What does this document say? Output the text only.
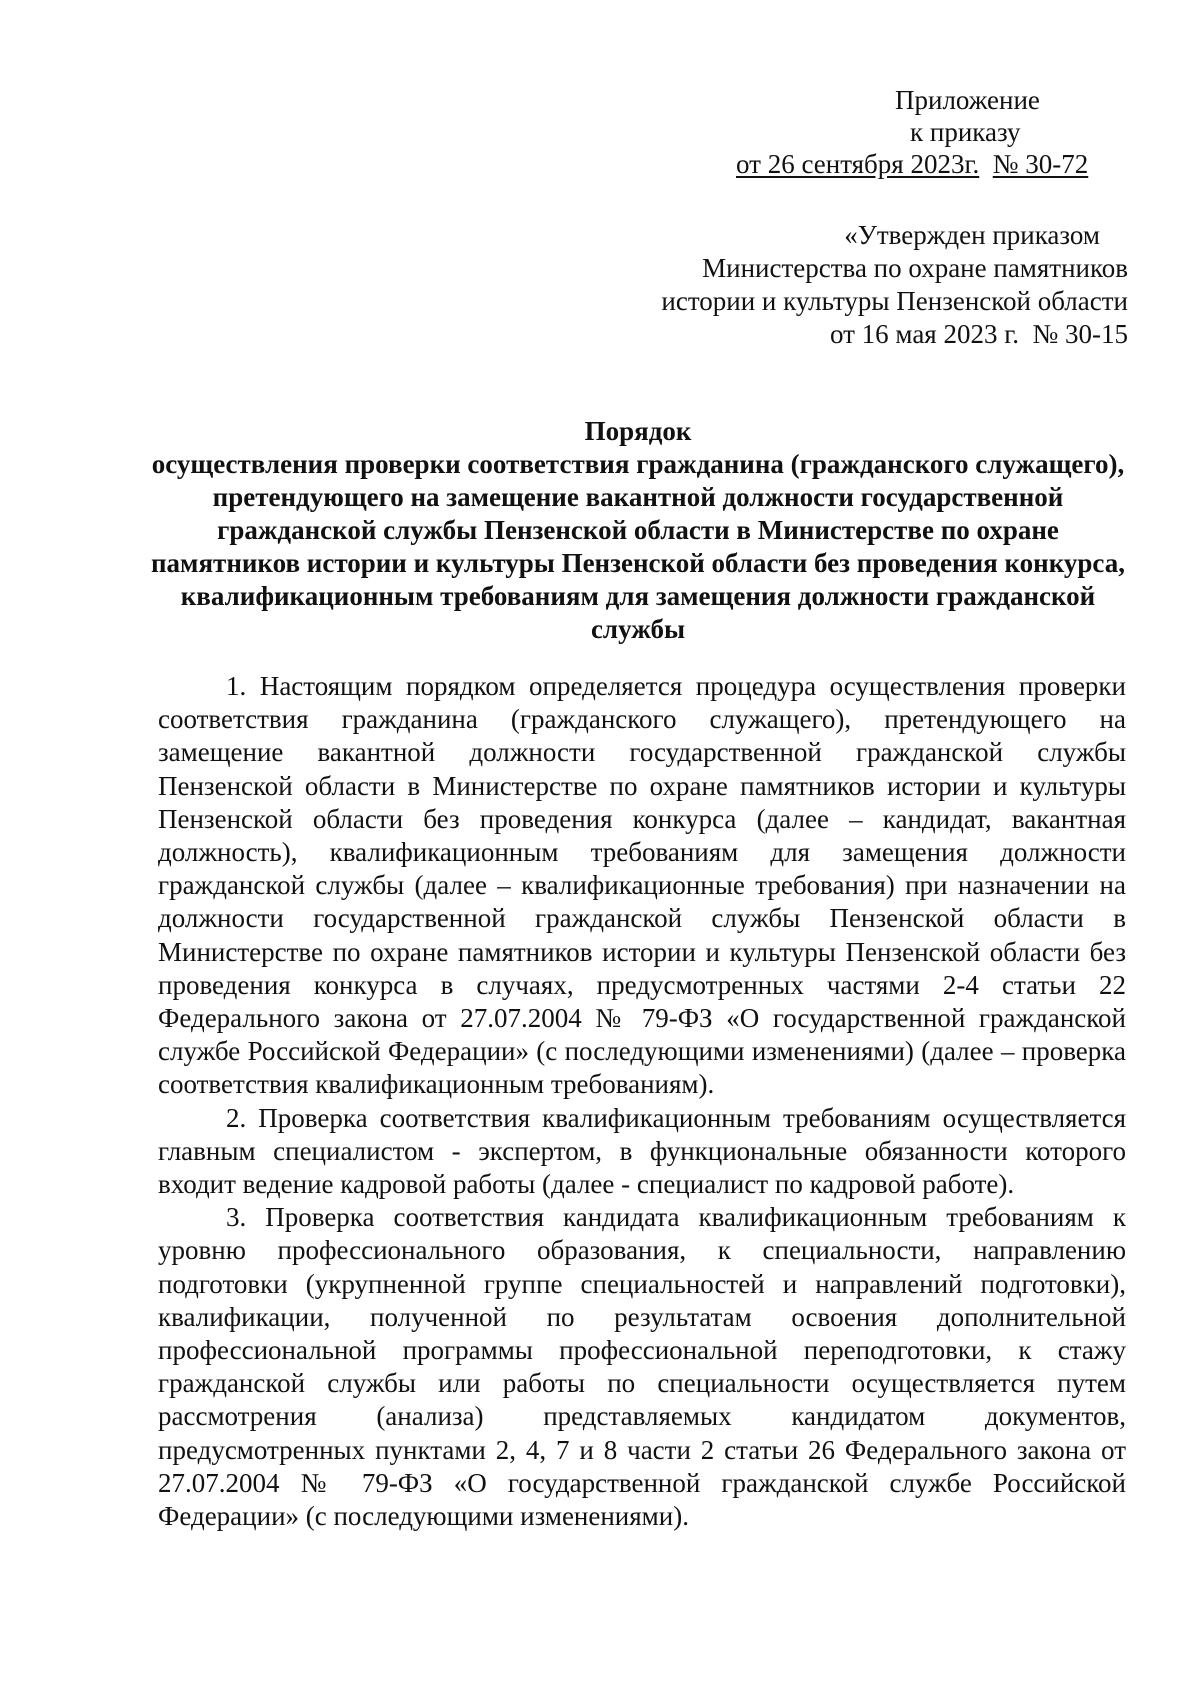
Приложение
к приказу
от 26 сентября 2023г. № 30-72
«Утвержден приказом
Министерства по охране памятников
истории и культуры Пензенской области
от 16 мая 2023 г.  № 30-15
Порядок
осуществления проверки соответствия гражданина (гражданского служащего), претендующего на замещение вакантной должности государственной гражданской службы Пензенской области в Министерстве по охране памятников истории и культуры Пензенской области без проведения конкурса, квалификационным требованиям для замещения должности гражданской службы

1. Настоящим порядком определяется процедура осуществления проверки соответствия гражданина (гражданского служащего), претендующего на замещение вакантной должности государственной гражданской службы Пензенской области в Министерстве по охране памятников истории и культуры Пензенской области без проведения конкурса (далее – кандидат, вакантная должность), квалификационным требованиям для замещения должности гражданской службы (далее – квалификационные требования) при назначении на должности государственной гражданской службы Пензенской области в Министерстве по охране памятников истории и культуры Пензенской области без проведения конкурса в случаях, предусмотренных частями 2-4 статьи 22 Федерального закона от 27.07.2004 № 79-ФЗ «О государственной гражданской службе Российской Федерации» (с последующими изменениями) (далее – проверка соответствия квалификационным требованиям).

2. Проверка соответствия квалификационным требованиям осуществляется главным специалистом - экспертом, в функциональные обязанности которого входит ведение кадровой работы (далее - специалист по кадровой работе).

3. Проверка соответствия кандидата квалификационным требованиям к уровню профессионального образования, к специальности, направлению подготовки (укрупненной группе специальностей и направлений подготовки), квалификации, полученной по результатам освоения дополнительной профессиональной программы профессиональной переподготовки, к стажу гражданской службы или работы по специальности осуществляется путем рассмотрения (анализа) представляемых кандидатом документов, предусмотренных пунктами 2, 4, 7 и 8 части 2 статьи 26 Федерального закона от 27.07.2004 № 79-ФЗ «О государственной гражданской службе Российской Федерации» (с последующими изменениями).
